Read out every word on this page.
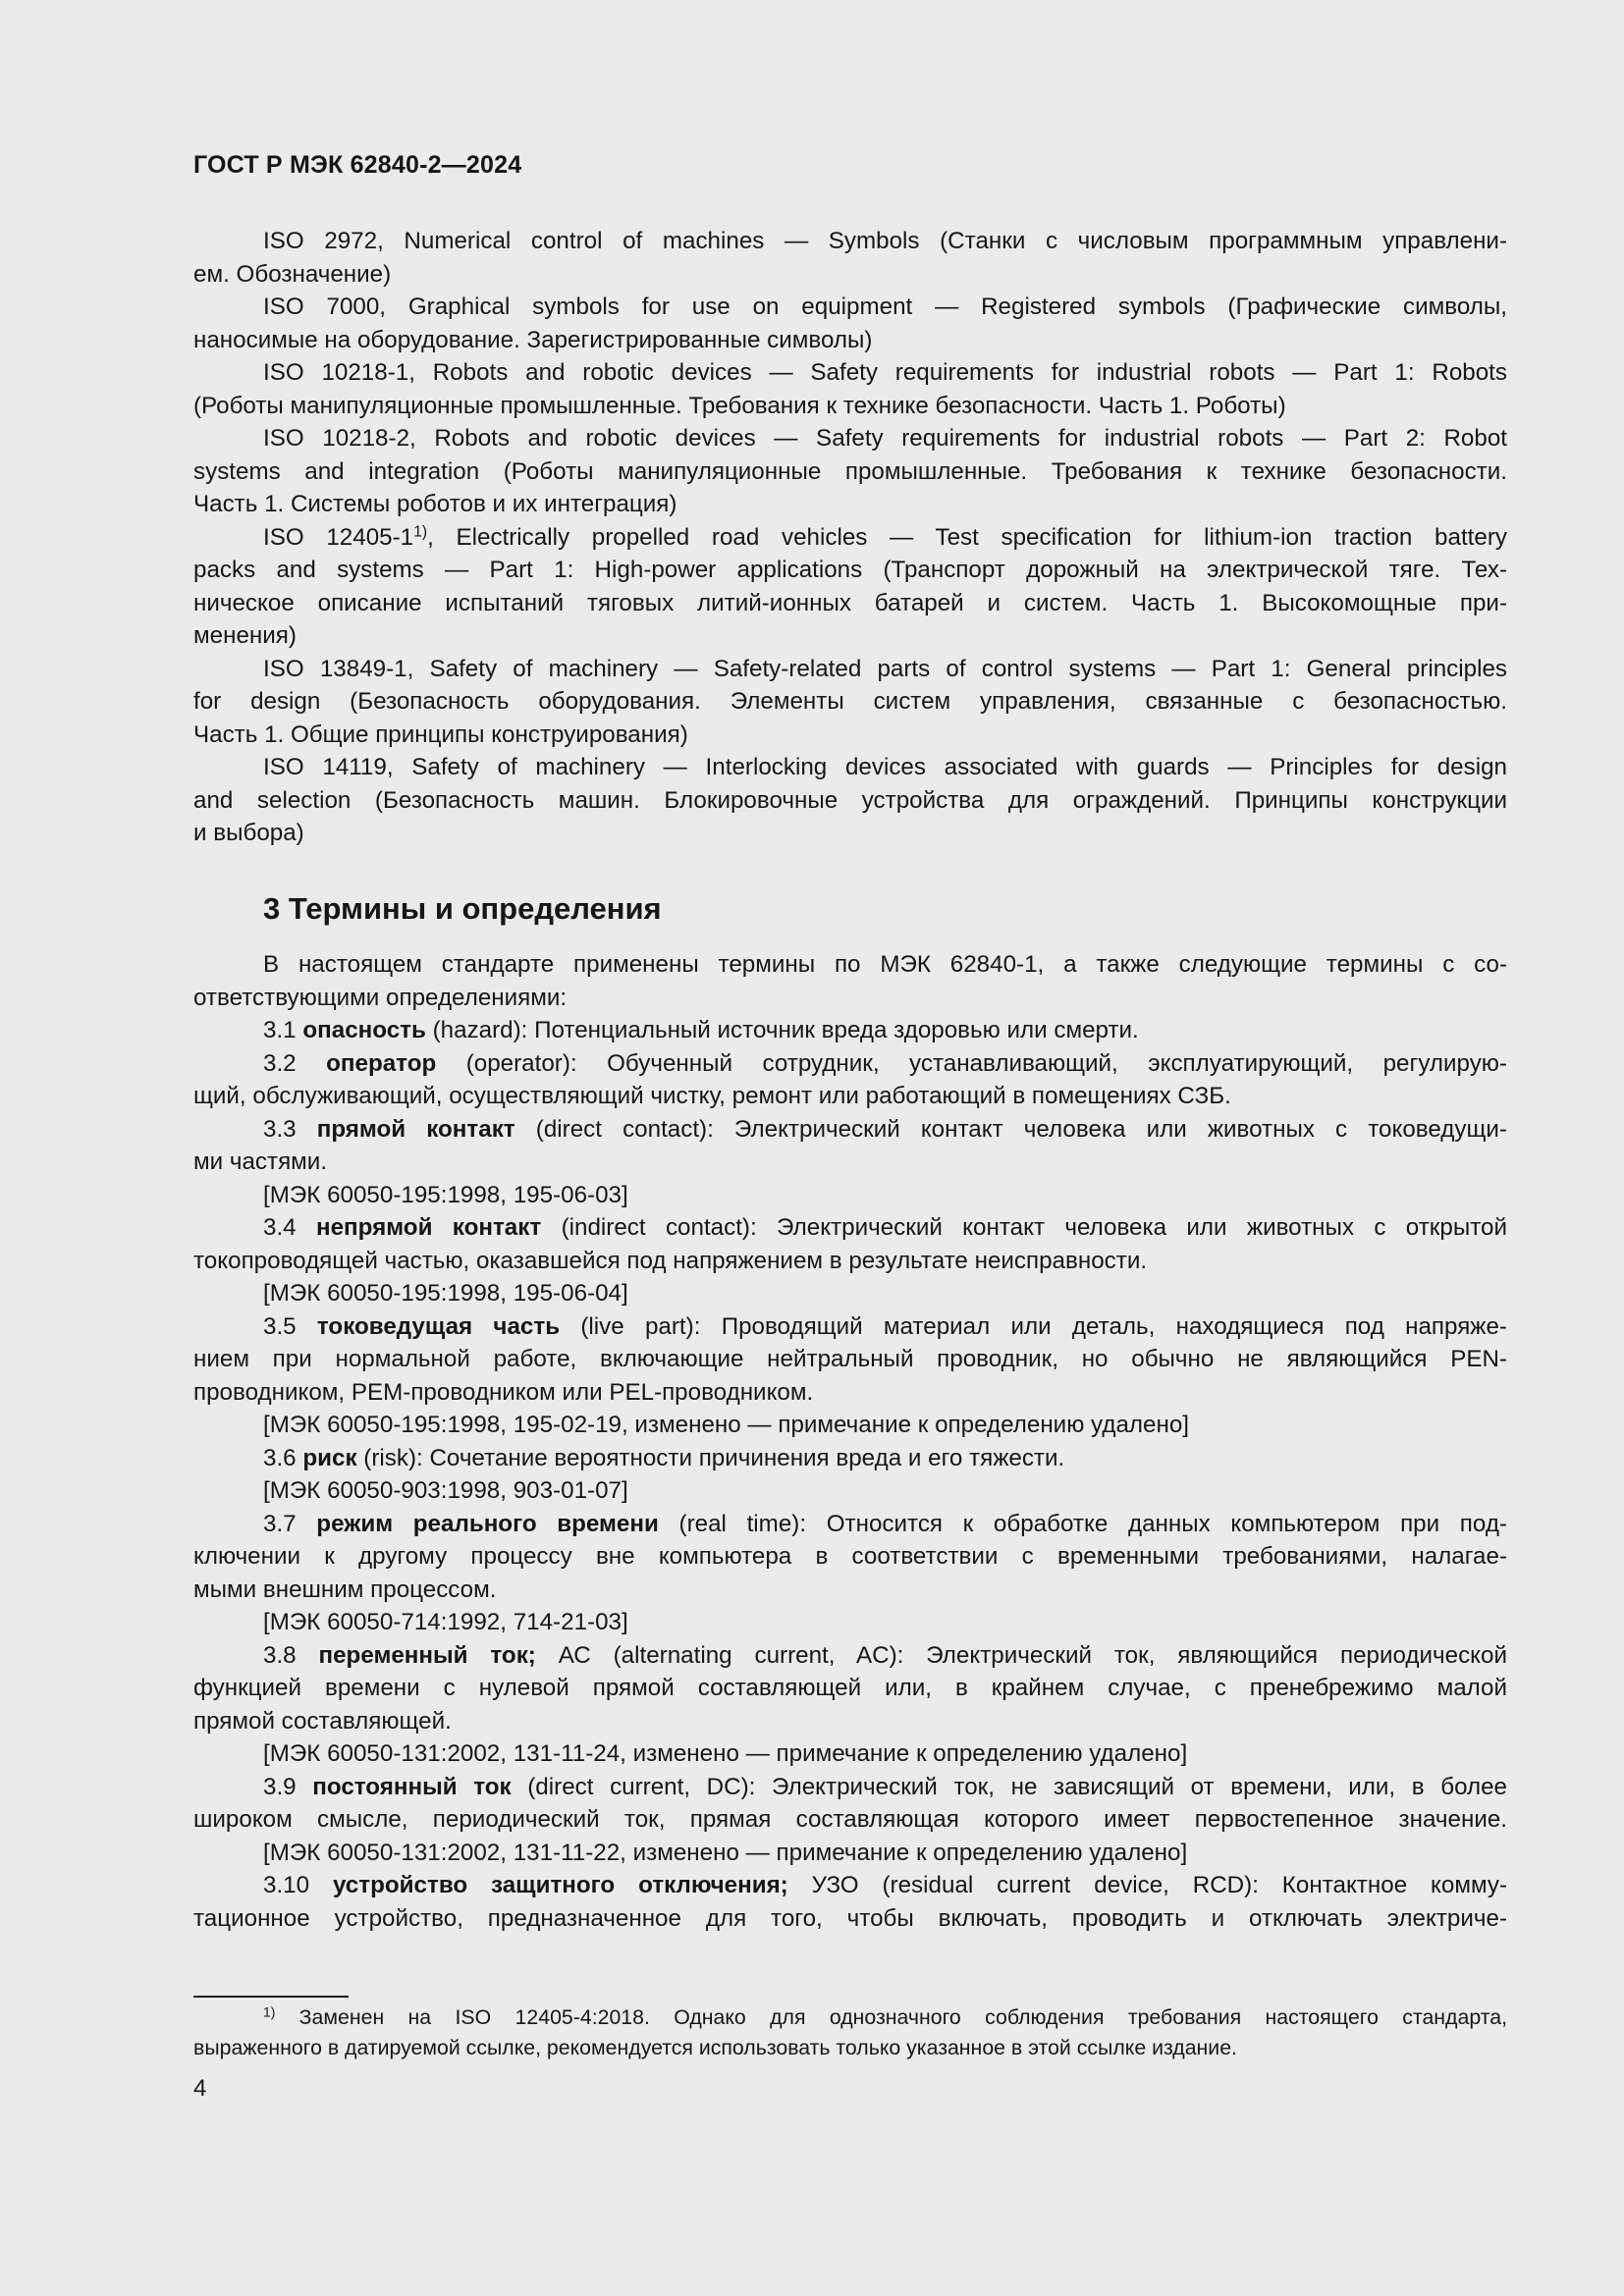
ГОСТ Р МЭК 62840-2—2024
ISO 2972, Numerical control of machines — Symbols (Станки с числовым программным управлени-
ем. Обозначение)
ISO 7000, Graphical symbols for use on equipment — Registered symbols (Графические символы,
наносимые на оборудование. Зарегистрированные символы)
ISO 10218-1, Robots and robotic devices — Safety requirements for industrial robots — Part 1: Robots
(Роботы манипуляционные промышленные. Требования к технике безопасности. Часть 1. Роботы)
ISO 10218-2, Robots and robotic devices — Safety requirements for industrial robots — Part 2: Robot
systems and integration (Роботы манипуляционные промышленные. Требования к технике безопасности.
Часть 1. Системы роботов и их интеграция)
ISO 12405-1$^{1)}$, Electrically propelled road vehicles — Test specification for lithium-ion traction battery
packs and systems — Part 1: High-power applications (Транспорт дорожный на электрической тяге. Тех-
ническое описание испытаний тяговых литий-ионных батарей и систем. Часть 1. Высокомощные при-
менения)
ISO 13849-1, Safety of machinery — Safety-related parts of control systems — Part 1: General principles
for design (Безопасность оборудования. Элементы систем управления, связанные с безопасностью.
Часть 1. Общие принципы конструирования)
ISO 14119, Safety of machinery — Interlocking devices associated with guards — Principles for design
and selection (Безопасность машин. Блокировочные устройства для ограждений. Принципы конструкции
и выбора)
3 Термины и определения
В настоящем стандарте применены термины по МЭК 62840-1, а также следующие термины с со-
ответствующими определениями:
3.1 опасность (hazard): Потенциальный источник вреда здоровью или смерти.
3.2 оператор (operator): Обученный сотрудник, устанавливающий, эксплуатирующий, регулирую-
щий, обслуживающий, осуществляющий чистку, ремонт или работающий в помещениях СЗБ.
3.3 прямой контакт (direct contact): Электрический контакт человека или животных с токоведущи-
ми частями.
[МЭК 60050-195:1998, 195-06-03]
3.4 непрямой контакт (indirect contact): Электрический контакт человека или животных с открытой
токопроводящей частью, оказавшейся под напряжением в результате неисправности.
[МЭК 60050-195:1998, 195-06-04]
3.5 токоведущая часть (live part): Проводящий материал или деталь, находящиеся под напряже-
нием при нормальной работе, включающие нейтральный проводник, но обычно не являющийся PEN-
проводником, PEM-проводником или PEL-проводником.
[МЭК 60050-195:1998, 195-02-19, изменено — примечание к определению удалено]
3.6 риск (risk): Сочетание вероятности причинения вреда и его тяжести.
[МЭК 60050-903:1998, 903-01-07]
3.7 режим реального времени (real time): Относится к обработке данных компьютером при под-
ключении к другому процессу вне компьютера в соответствии с временными требованиями, налагае-
мыми внешним процессом.
[МЭК 60050-714:1992, 714-21-03]
3.8 переменный ток; АС (alternating current, AC): Электрический ток, являющийся периодической
функцией времени с нулевой прямой составляющей или, в крайнем случае, с пренебрежимо малой
прямой составляющей.
[МЭК 60050-131:2002, 131-11-24, изменено — примечание к определению удалено]
3.9 постоянный ток (direct current, DC): Электрический ток, не зависящий от времени, или, в более
широком смысле, периодический ток, прямая составляющая которого имеет первостепенное значение.
[МЭК 60050-131:2002, 131-11-22, изменено — примечание к определению удалено]
3.10 устройство защитного отключения; УЗО (residual current device, RCD): Контактное комму-
тационное устройство, предназначенное для того, чтобы включать, проводить и отключать электриче-
$^{1)}$ Заменен на ISO 12405-4:2018. Однако для однозначного соблюдения требования настоящего стандарта,
выраженного в датируемой ссылке, рекомендуется использовать только указанное в этой ссылке издание.
4
